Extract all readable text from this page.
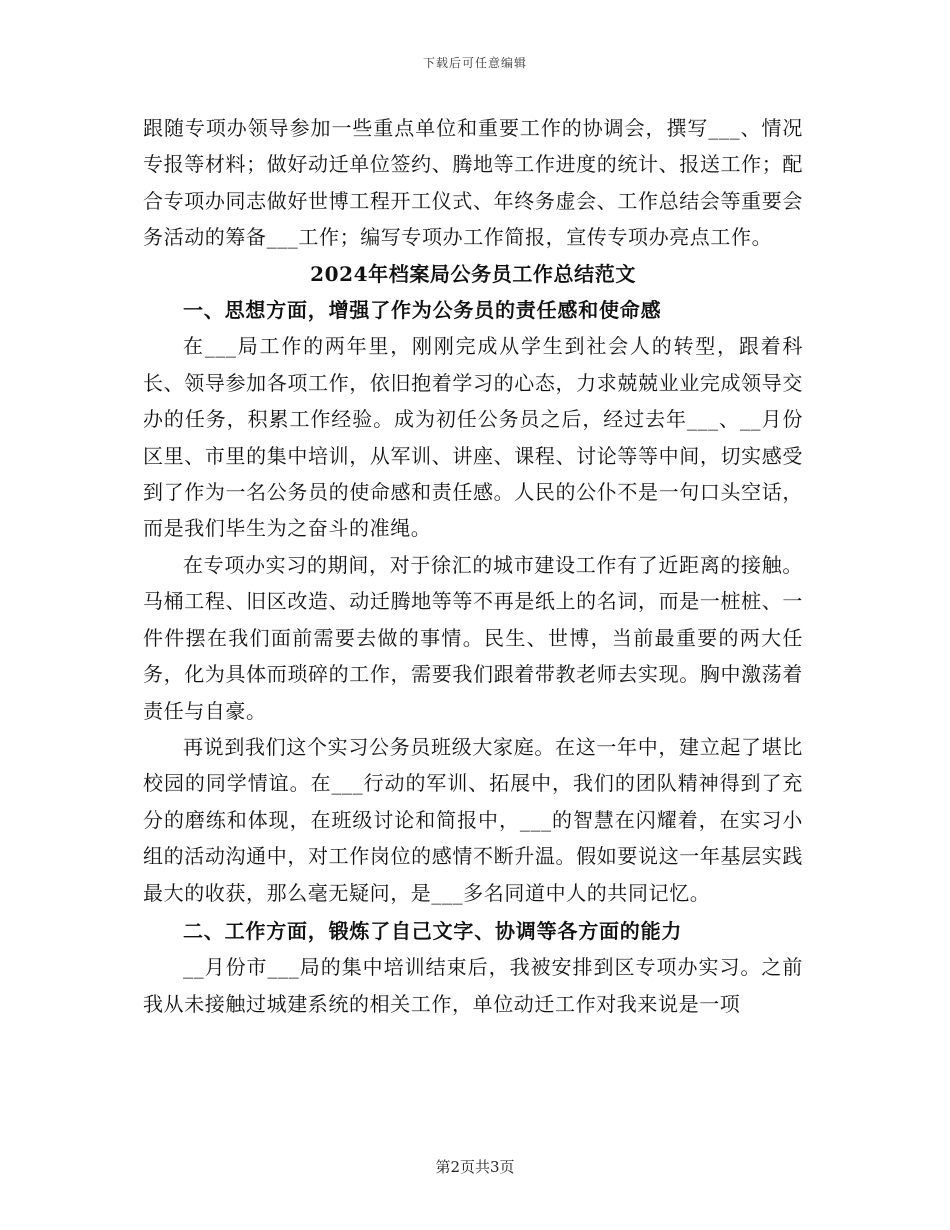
下载后可任意编辑

跟随专项办领导参加一些重点单位和重要工作的协调会，撰写___、情况专报等材料；做好动迁单位签约、腾地等工作进度的统计、报送工作；配合专项办同志做好世博工程开工仪式、年终务虚会、工作总结会等重要会务活动的筹备___工作；编写专项办工作简报，宣传专项办亮点工作。

2024年档案局公务员工作总结范文
一、思想方面，增强了作为公务员的责任感和使命感

在___局工作的两年里，刚刚完成从学生到社会人的转型，跟着科长、领导参加各项工作，依旧抱着学习的心态，力求兢兢业业完成领导交办的任务，积累工作经验。成为初任公务员之后，经过去年___、__月份区里、市里的集中培训，从军训、讲座、课程、讨论等等中间，切实感受到了作为一名公务员的使命感和责任感。人民的公仆不是一句口头空话，而是我们毕生为之奋斗的准绳。

在专项办实习的期间，对于徐汇的城市建设工作有了近距离的接触。马桶工程、旧区改造、动迁腾地等等不再是纸上的名词，而是一桩桩、一件件摆在我们面前需要去做的事情。民生、世博，当前最重要的两大任务，化为具体而琐碎的工作，需要我们跟着带教老师去实现。胸中激荡着责任与自豪。

再说到我们这个实习公务员班级大家庭。在这一年中，建立起了堪比校园的同学情谊。在___行动的军训、拓展中，我们的团队精神得到了充分的磨练和体现，在班级讨论和简报中，___的智慧在闪耀着，在实习小组的活动沟通中，对工作岗位的感情不断升温。假如要说这一年基层实践最大的收获，那么毫无疑问，是___多名同道中人的共同记忆。

二、工作方面，锻炼了自己文字、协调等各方面的能力

__月份市___局的集中培训结束后，我被安排到区专项办实习。之前我从未接触过城建系统的相关工作，单位动迁工作对我来说是一项

第2页共3页
